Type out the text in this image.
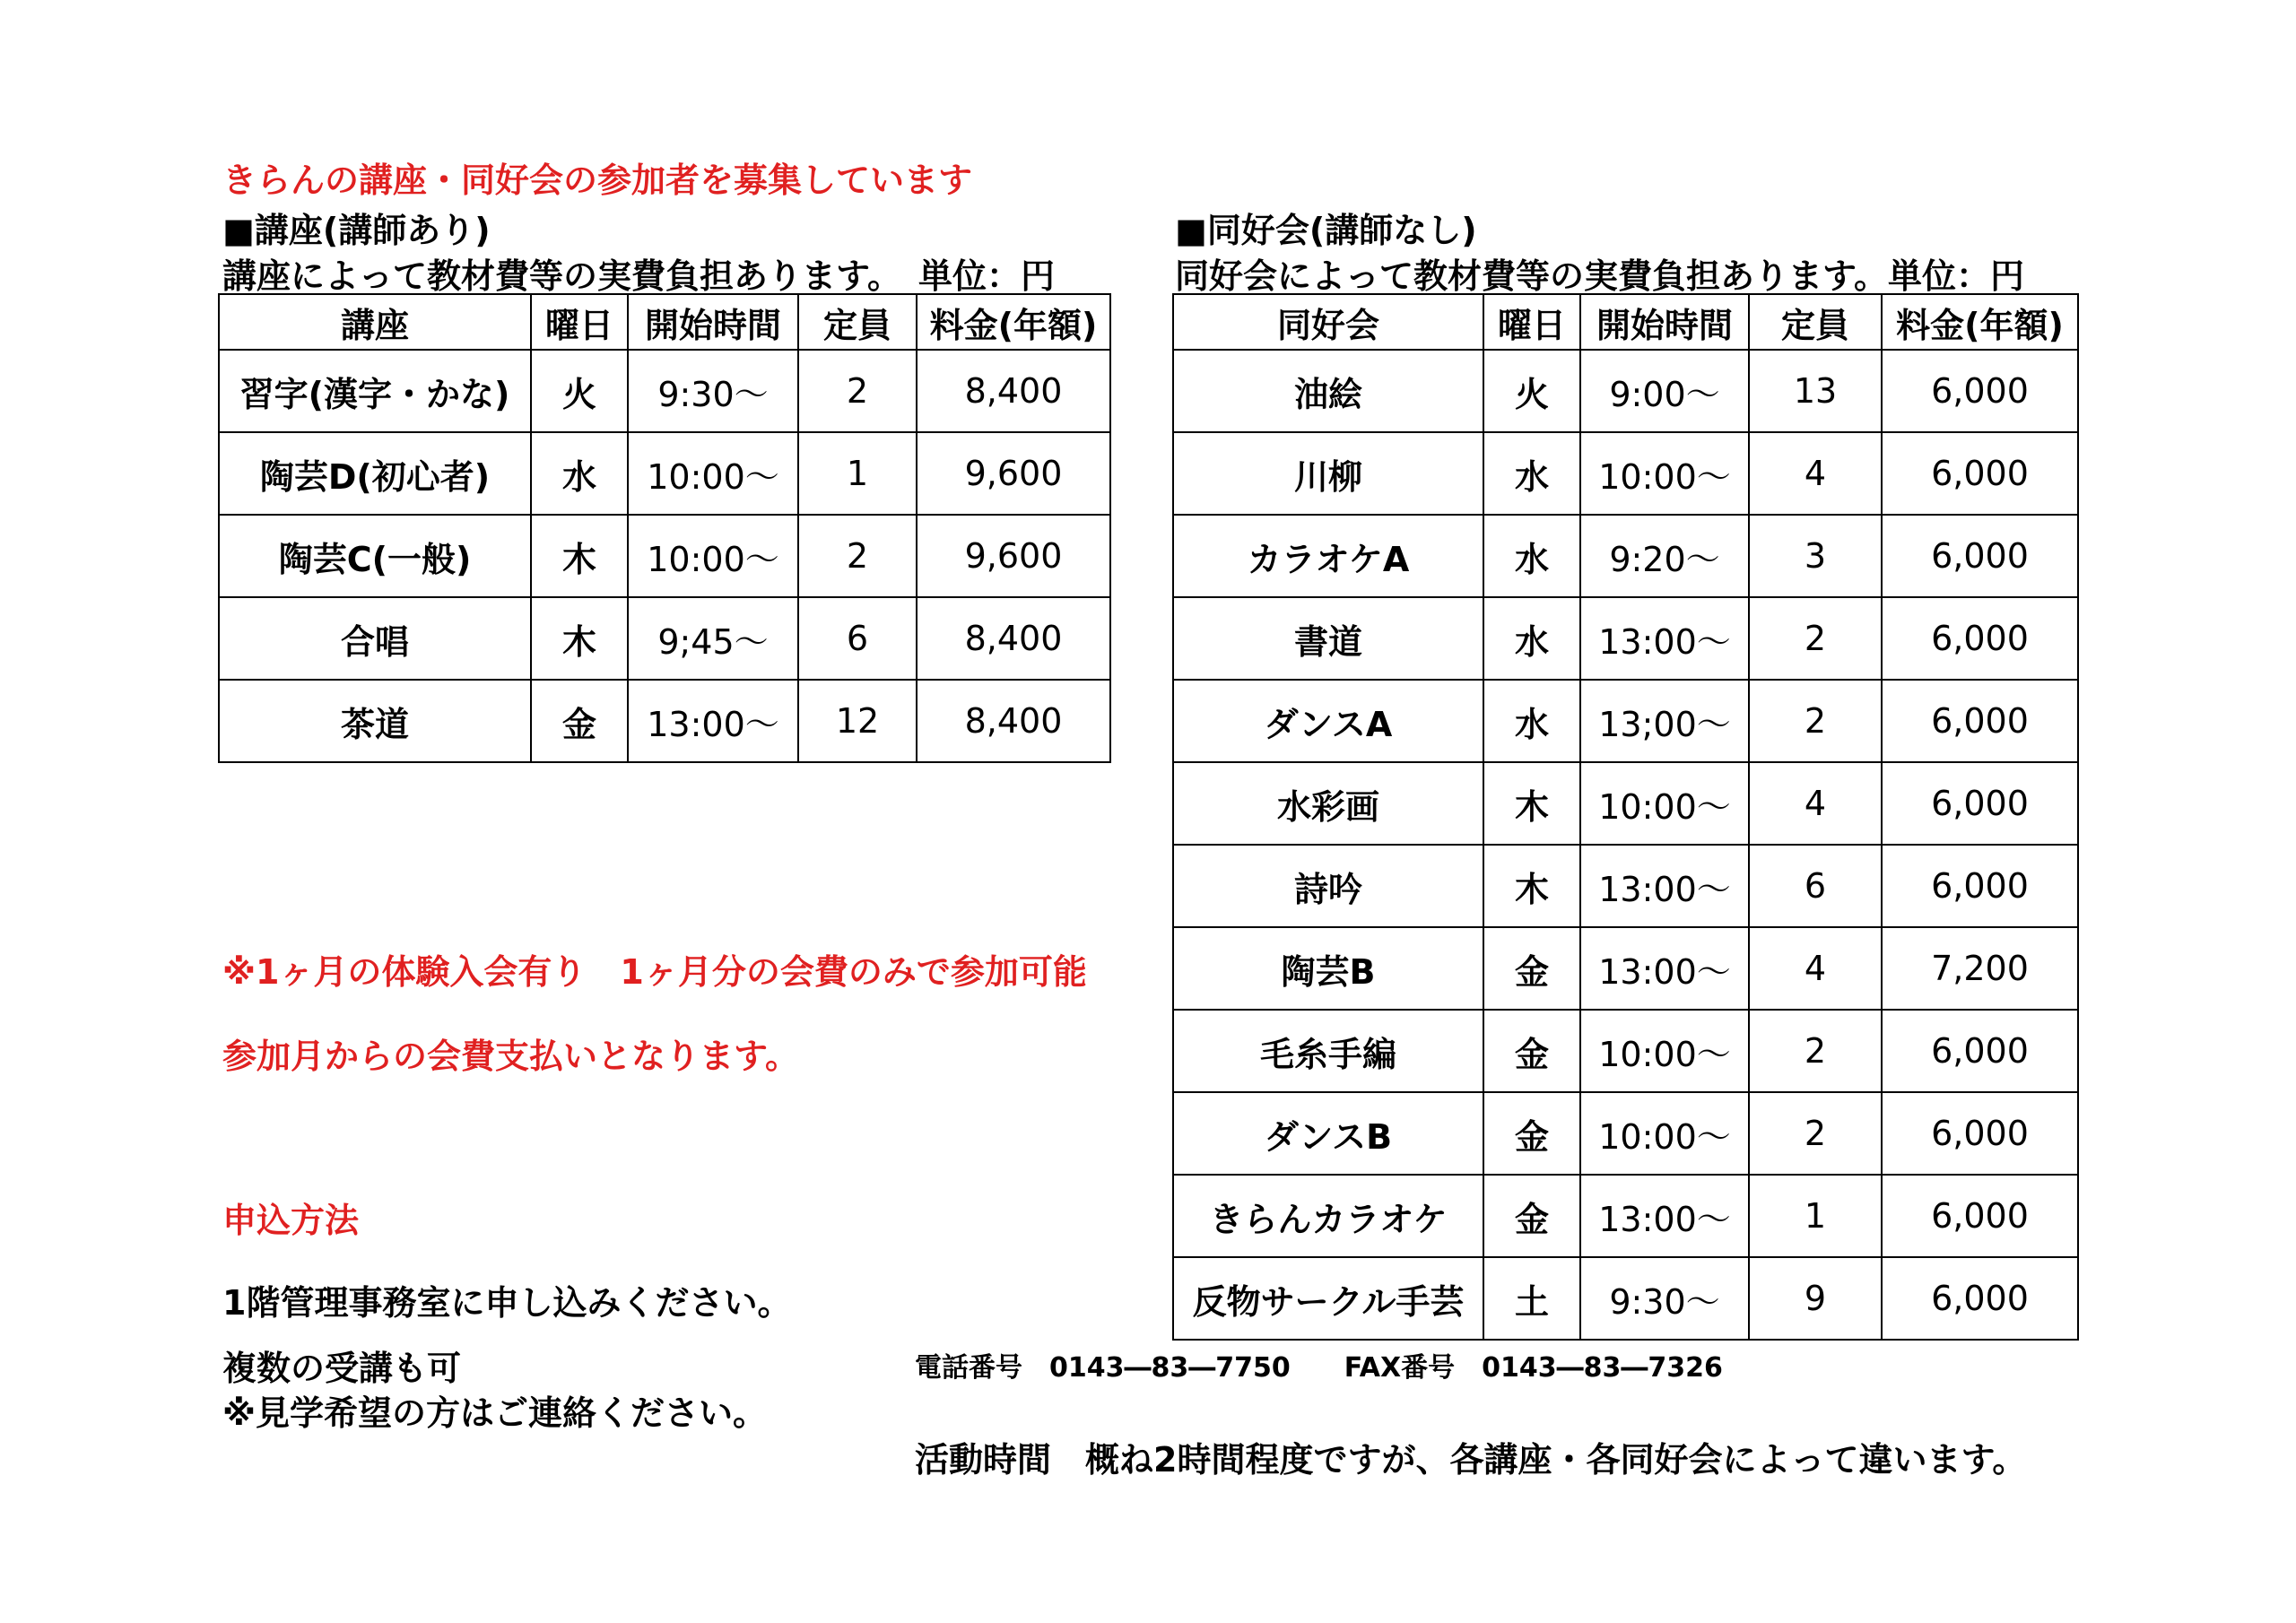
きらんの講座・同好会の参加者を募集しています
■講座(講師あり)
講座によって教材費等の実費負担あります。　単位：円
■同好会(講師なし)
同好会によって教材費等の実費負担あります。単位：円
講座	曜日	開始時間	定員	料金(年額)
習字(漢字・かな)	火	9:30～	2	8,400
陶芸D(初心者)	水	10:00～	1	9,600
陶芸C(一般)	木	10:00～	2	9,600
合唱	木	9;45～	6	8,400
茶道	金	13:00～	12	8,400
同好会	曜日	開始時間	定員	料金(年額)
油絵	火	9:00～	13	6,000
川柳	水	10:00～	4	6,000
カラオケA	水	9:20～	3	6,000
書道	水	13:00～	2	6,000
ダンスA	水	13;00～	2	6,000
水彩画	木	10:00～	4	6,000
詩吟	木	13:00～	6	6,000
陶芸B	金	13:00～	4	7,200
毛糸手編	金	10:00～	2	6,000
ダンスB	金	10:00～	2	6,000
きらんカラオケ	金	13:00～	1	6,000
反物サークル手芸	土	9:30～	9	6,000
※1ヶ月の体験入会有り　1ヶ月分の会費のみで参加可能
参加月からの会費支払いとなります。
申込方法
1階管理事務室に申し込みください。
複数の受講も可
※見学希望の方はご連絡ください。
電話番号　0143―83―7750　　FAX番号　0143―83―7326
活動時間　概ね2時間程度ですが、各講座・各同好会によって違います。
